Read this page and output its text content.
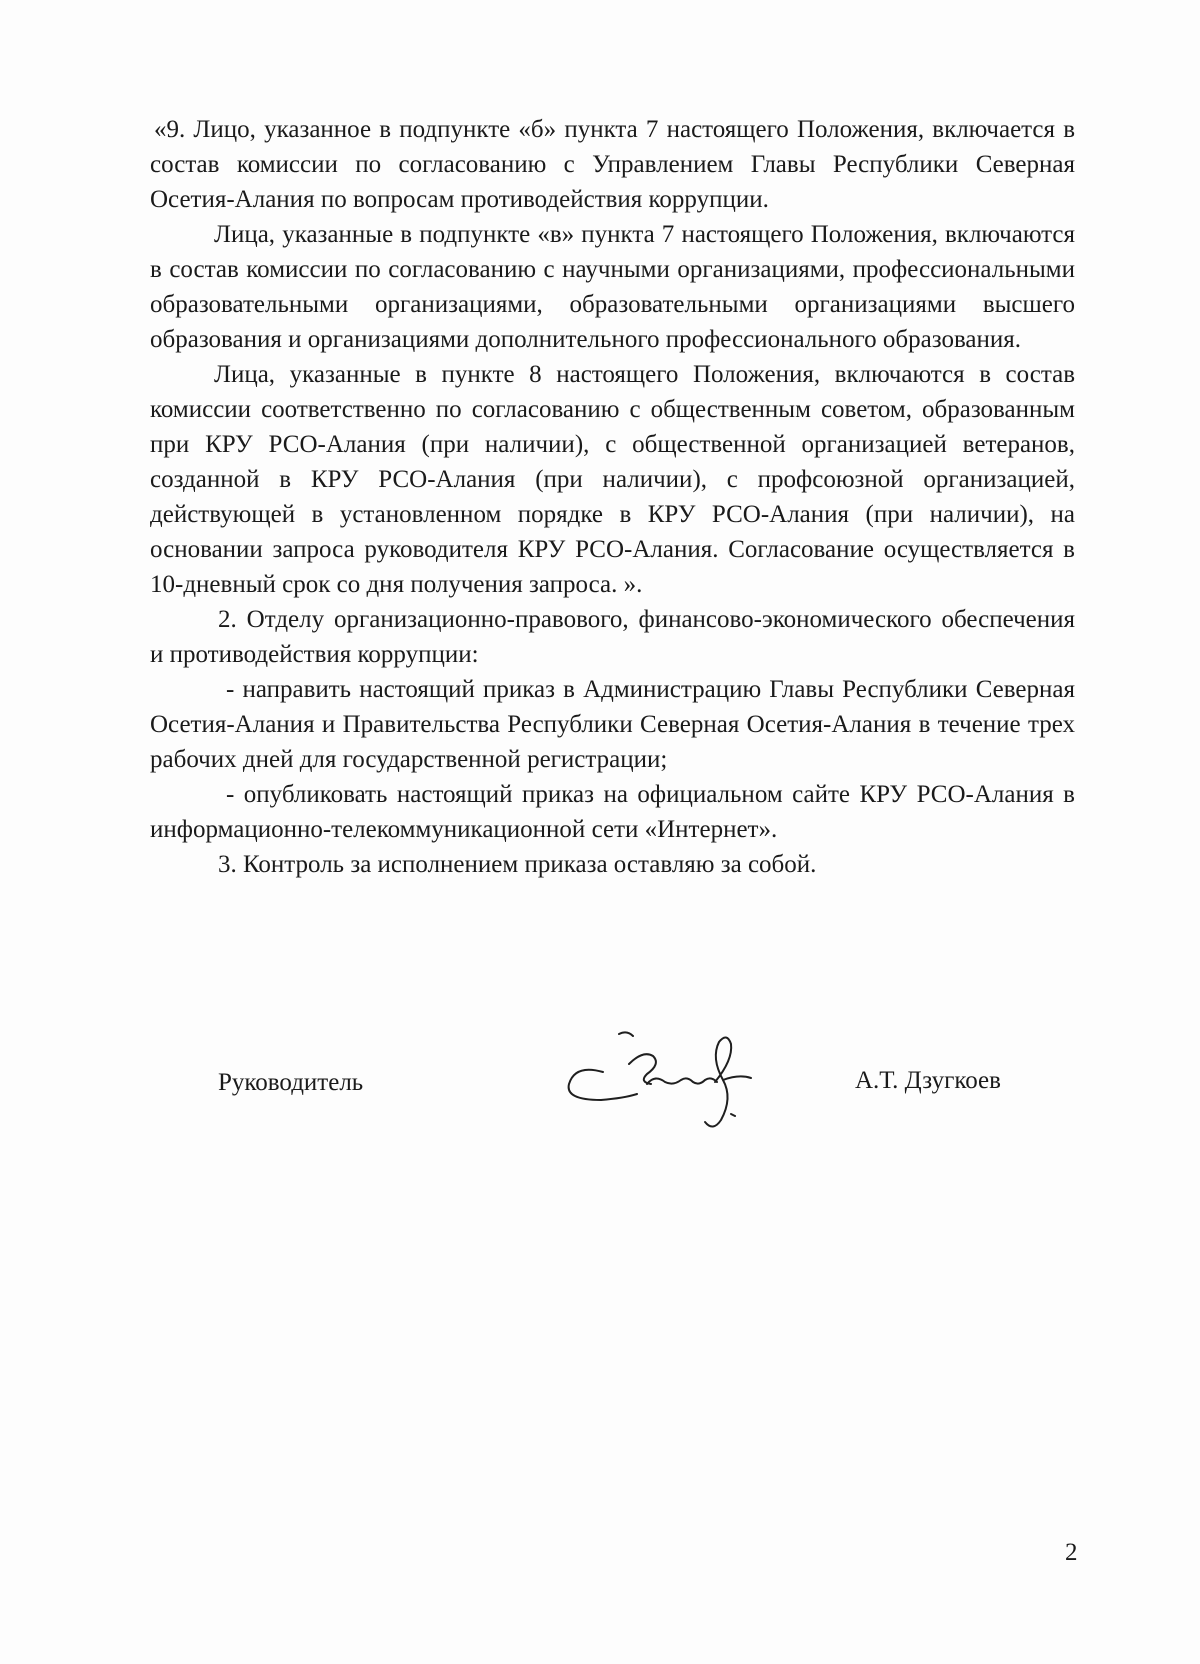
«9. Лицо, указанное в подпункте «б» пункта 7 настоящего Положения, включается в состав комиссии по согласованию с Управлением Главы Республики Северная Осетия-Алания по вопросам противодействия коррупции.

Лица, указанные в подпункте «в» пункта 7 настоящего Положения, включаются в состав комиссии по согласованию с научными организациями, профессиональными образовательными организациями, образовательными организациями высшего образования и организациями дополнительного профессионального образования.

Лица, указанные в пункте 8 настоящего Положения, включаются в состав комиссии соответственно по согласованию с общественным советом, образованным при КРУ РСО-Алания (при наличии), с общественной организацией ветеранов, созданной в КРУ РСО-Алания (при наличии), с профсоюзной организацией, действующей в установленном порядке в КРУ РСО-Алания (при наличии), на основании запроса руководителя КРУ РСО-Алания. Согласование осуществляется в 10-дневный срок со дня получения запроса. ».

2. Отделу организационно-правового, финансово-экономического обеспечения и противодействия коррупции:

- направить настоящий приказ в Администрацию Главы Республики Северная Осетия-Алания и Правительства Республики Северная Осетия-Алания в течение трех рабочих дней для государственной регистрации;

- опубликовать настоящий приказ на официальном сайте КРУ РСО-Алания в информационно-телекоммуникационной сети «Интернет».

3. Контроль за исполнением приказа оставляю за собой.

Руководитель	А.Т. Дзугкоев
2
